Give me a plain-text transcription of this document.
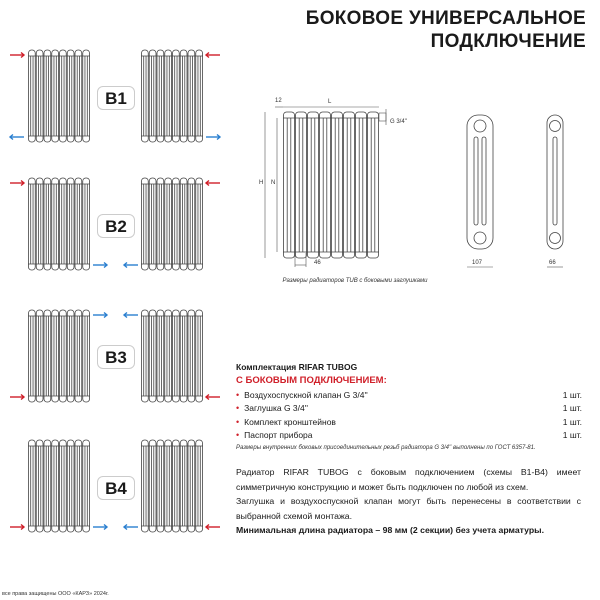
БОКОВОЕ УНИВЕРСАЛЬНОЕ
ПОДКЛЮЧЕНИЕ
B1
B2
B3
B4
12	L
G 3/4''
H N
46	107	66
Размеры радиаторов TUB с боковыми заглушками
Комплектация RIFAR TUBOG
С БОКОВЫМ ПОДКЛЮЧЕНИЕМ:
• Воздухоспускной клапан G 3/4''	1 шт.
• Заглушка G 3/4''	1 шт.
• Комплект кронштейнов	1 шт.
• Паспорт прибора	1 шт.
Размеры внутренних боковых присоединительных резьб радиатора G 3/4'' выполнены по ГОСТ 6357-81.

Радиатор RIFAR TUBOG с боковым подключением (схемы B1-B4) имеет симметричную конструкцию и может быть подключен по любой из схем.

Заглушка и воздухоспускной клапан могут быть перенесены в соответствии с выбранной схемой монтажа.

Минимальная длина радиатора – 98 мм (2 секции) без учета арматуры.

все права защищены ООО «КАРЗ» 2024г.
